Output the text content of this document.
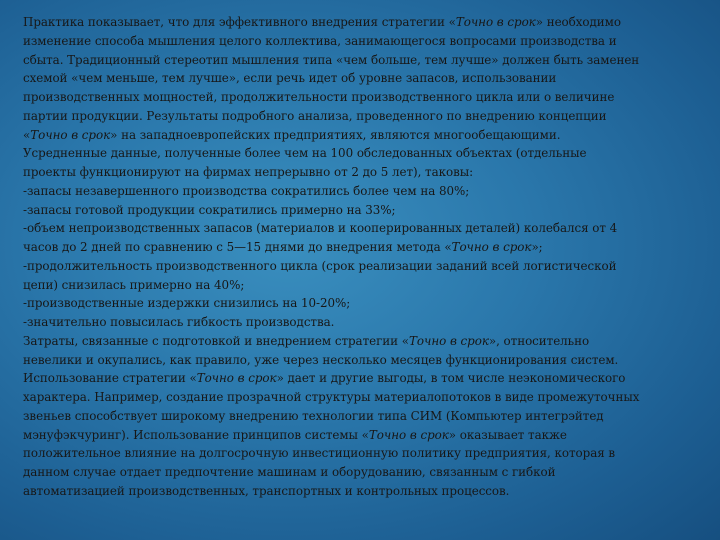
Практика показывает, что для эффективного внедрения стратегии «Точно в срок» необходимо
изменение способа мышления целого коллектива, занимающегося вопросами производства и
сбыта. Традиционный стереотип мышления типа «чем больше, тем лучше» должен быть заменен
схемой «чем меньше, тем лучше», если речь идет об уровне запасов, использовании
производственных мощностей, продолжительности производственного цикла или о величине
партии продукции. Результаты подробного анализа, проведенного по внедрению концепции
«Точно в срок» на западноевропейских предприятиях, являются многообещающими.
Усредненные данные, полученные более чем на 100 обследованных объектах (отдельные
проекты функционируют на фирмах непрерывно от 2 до 5 лет), таковы:
-запасы незавершенного производства сократились более чем на 80%;
-запасы готовой продукции сократились примерно на 33%;
-объем непроизводственных запасов (материалов и кооперированных деталей) колебался от 4
часов до 2 дней по сравнению с 5—15 днями до внедрения метода «Точно в срок»;
-продолжительность производственного цикла (срок реализации заданий всей логистической
цепи) снизилась примерно на 40%;
-производственные издержки снизились на 10-20%;
-значительно повысилась гибкость производства.
Затраты, связанные с подготовкой и внедрением стратегии «Точно в срок», относительно
невелики и окупались, как правило, уже через несколько месяцев функционирования систем.
Использование стратегии «Точно в срок» дает и другие выгоды, в том числе неэкономического
характера. Например, создание прозрачной структуры материалопотоков в виде промежуточных
звеньев способствует широкому внедрению технологии типа СИМ (Компьютер интегрэйтед
мэнуфэкчуринг). Использование принципов системы «Точно в срок» оказывает также
положительное влияние на долгосрочную инвестиционную политику предприятия, которая в
данном случае отдает предпочтение машинам и оборудованию, связанным с гибкой
автоматизацией производственных, транспортных и контрольных процессов.
